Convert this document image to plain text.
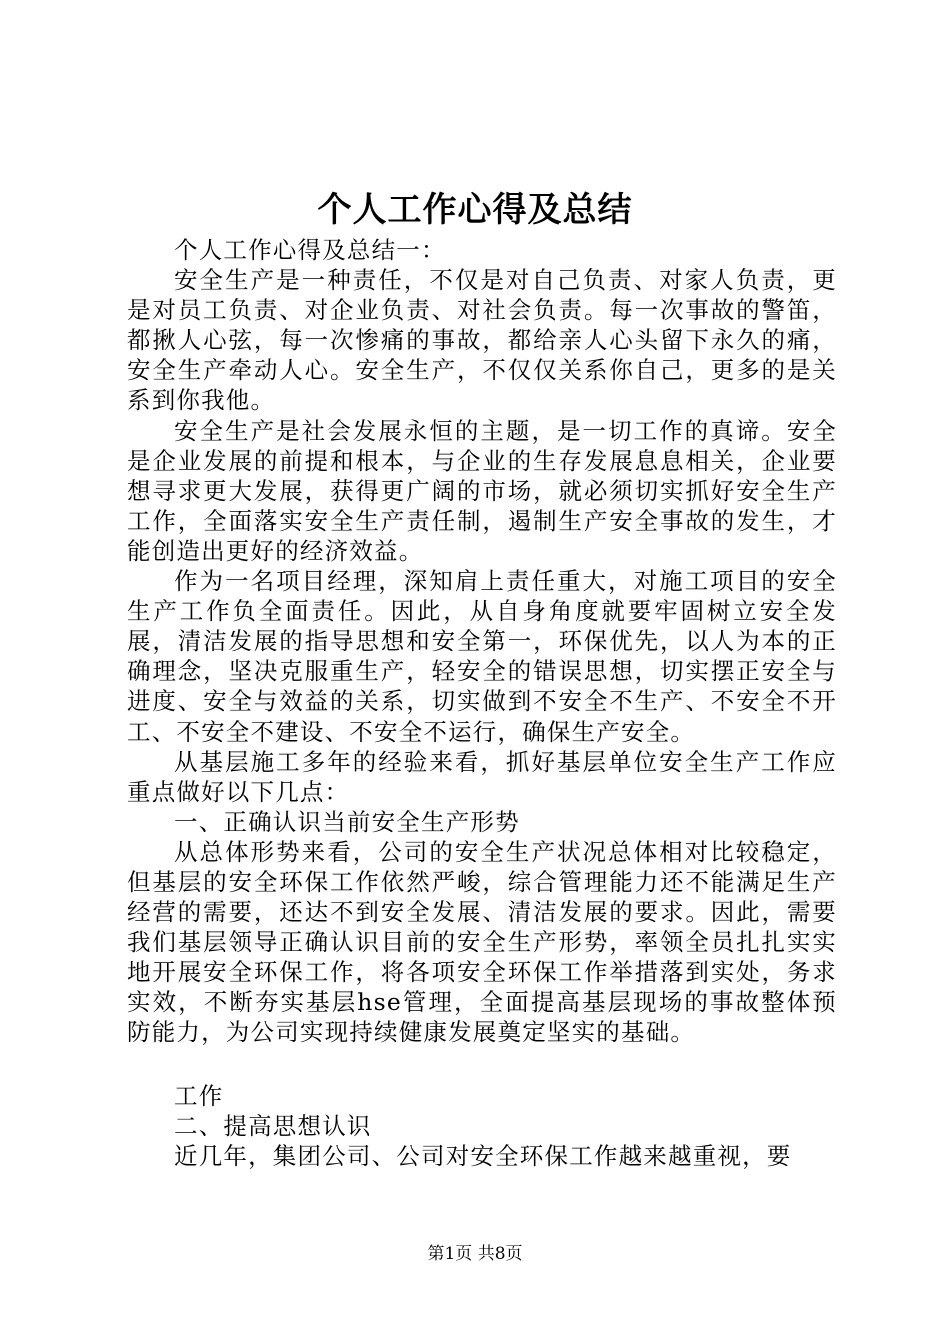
个人工作心得及总结

个人工作心得及总结一：

安全生产是一种责任，不仅是对自己负责、对家人负责，更是对员工负责、对企业负责、对社会负责。每一次事故的警笛，都揪人心弦，每一次惨痛的事故，都给亲人心头留下永久的痛，安全生产牵动人心。安全生产，不仅仅关系你自己，更多的是关系到你我他。

安全生产是社会发展永恒的主题，是一切工作的真谛。安全是企业发展的前提和根本，与企业的生存发展息息相关，企业要想寻求更大发展，获得更广阔的市场，就必须切实抓好安全生产工作，全面落实安全生产责任制，遏制生产安全事故的发生，才能创造出更好的经济效益。

作为一名项目经理，深知肩上责任重大，对施工项目的安全生产工作负全面责任。因此，从自身角度就要牢固树立安全发展，清洁发展的指导思想和安全第一，环保优先，以人为本的正确理念，坚决克服重生产，轻安全的错误思想，切实摆正安全与进度、安全与效益的关系，切实做到不安全不生产、不安全不开工、不安全不建设、不安全不运行，确保生产安全。

从基层施工多年的经验来看，抓好基层单位安全生产工作应重点做好以下几点：

一、正确认识当前安全生产形势

从总体形势来看，公司的安全生产状况总体相对比较稳定，但基层的安全环保工作依然严峻，综合管理能力还不能满足生产经营的需要，还达不到安全发展、清洁发展的要求。因此，需要我们基层领导正确认识目前的安全生产形势，率领全员扎扎实实地开展安全环保工作，将各项安全环保工作举措落到实处，务求实效，不断夯实基层hse管理，全面提高基层现场的事故整体预防能力，为公司实现持续健康发展奠定坚实的基础。

工作

二、提高思想认识

近几年，集团公司、公司对安全环保工作越来越重视，要

第1页 共8页
